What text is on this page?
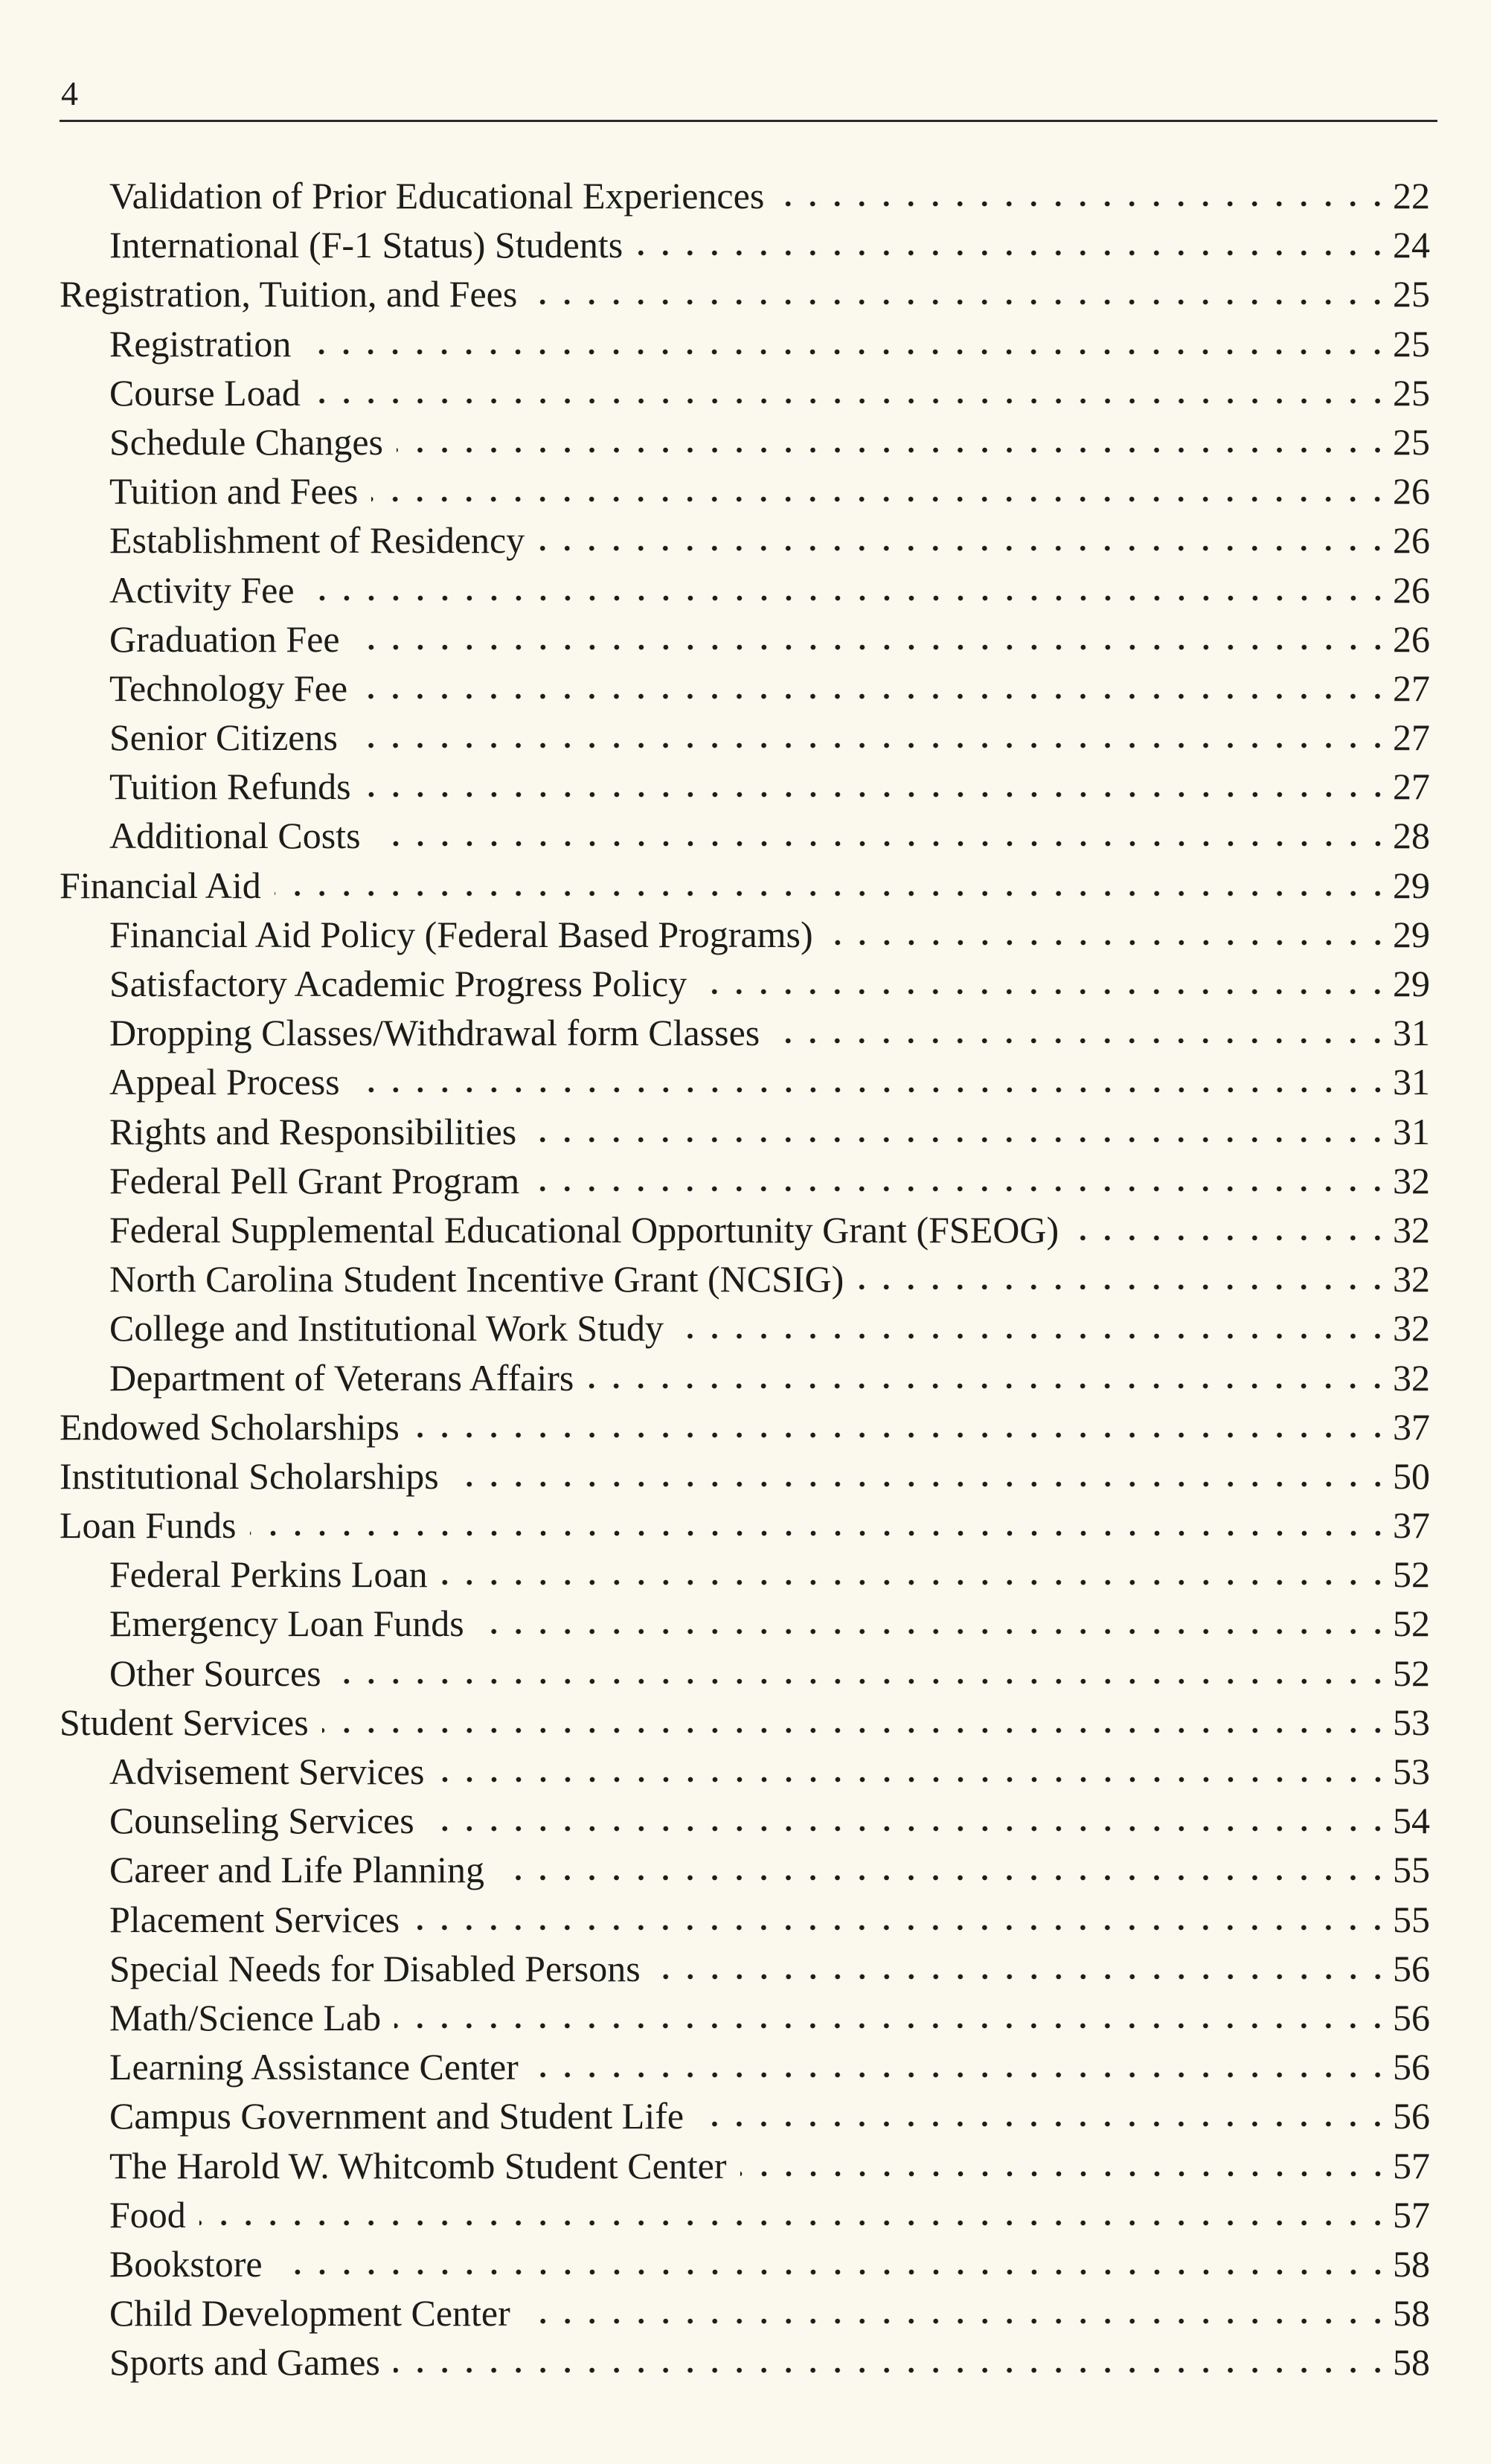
4
Validation of Prior Educational Experiences	22
International (F-1 Status) Students	24
Registration, Tuition, and Fees	25
Registration	25
Course Load	25
Schedule Changes	25
Tuition and Fees	26
Establishment of Residency	26
Activity Fee	26
Graduation Fee	26
Technology Fee	27
Senior Citizens	27
Tuition Refunds	27
Additional Costs	28
Financial Aid	29
Financial Aid Policy (Federal Based Programs)	29
Satisfactory Academic Progress Policy	29
Dropping Classes/Withdrawal form Classes	31
Appeal Process	31
Rights and Responsibilities	31
Federal Pell Grant Program	32
Federal Supplemental Educational Opportunity Grant (FSEOG)	32
North Carolina Student Incentive Grant (NCSIG)	32
College and Institutional Work Study	32
Department of Veterans Affairs	32
Endowed Scholarships	37
Institutional Scholarships	50
Loan Funds	37
Federal Perkins Loan	52
Emergency Loan Funds	52
Other Sources	52
Student Services	53
Advisement Services	53
Counseling Services	54
Career and Life Planning	55
Placement Services	55
Special Needs for Disabled Persons	56
Math/Science Lab	56
Learning Assistance Center	56
Campus Government and Student Life	56
The Harold W. Whitcomb Student Center	57
Food	57
Bookstore	58
Child Development Center	58
Sports and Games	58
